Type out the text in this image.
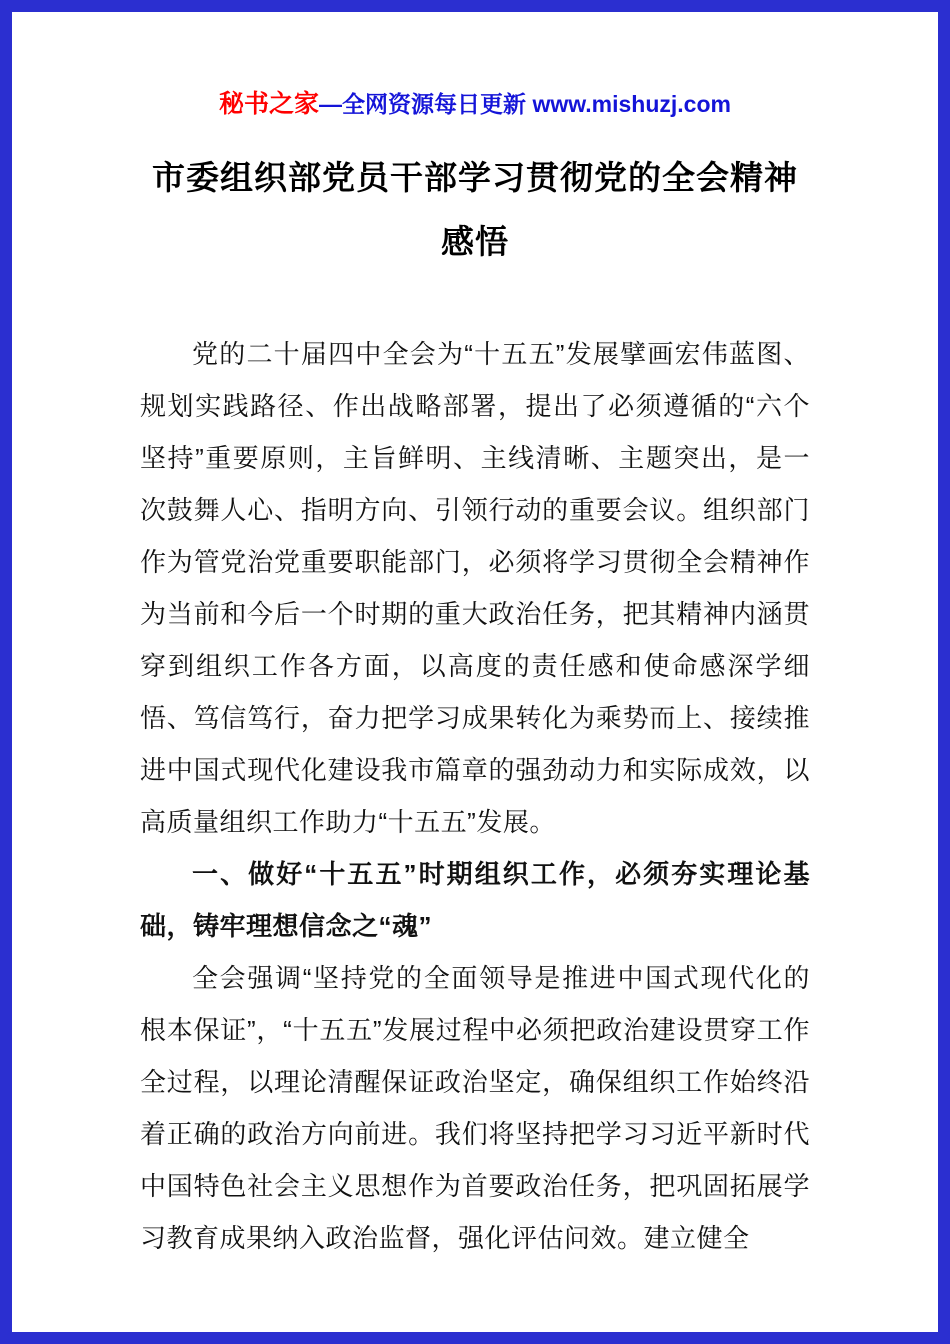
秘书之家—全网资源每日更新 www.mishuzj.com
市委组织部党员干部学习贯彻党的全会精神感悟

党的二十届四中全会为“十五五”发展擘画宏伟蓝图、规划实践路径、作出战略部署，提出了必须遵循的“六个坚持”重要原则，主旨鲜明、主线清晰、主题突出，是一次鼓舞人心、指明方向、引领行动的重要会议。组织部门作为管党治党重要职能部门，必须将学习贯彻全会精神作为当前和今后一个时期的重大政治任务，把其精神内涵贯穿到组织工作各方面，以高度的责任感和使命感深学细悟、笃信笃行，奋力把学习成果转化为乘势而上、接续推进中国式现代化建设我市篇章的强劲动力和实际成效，以高质量组织工作助力“十五五”发展。

一、做好“十五五”时期组织工作，必须夯实理论基础，铸牢理想信念之“魂”

全会强调“坚持党的全面领导是推进中国式现代化的根本保证”，“十五五”发展过程中必须把政治建设贯穿工作全过程，以理论清醒保证政治坚定，确保组织工作始终沿着正确的政治方向前进。我们将坚持把学习习近平新时代中国特色社会主义思想作为首要政治任务，把巩固拓展学习教育成果纳入政治监督，强化评估问效。建立健全
